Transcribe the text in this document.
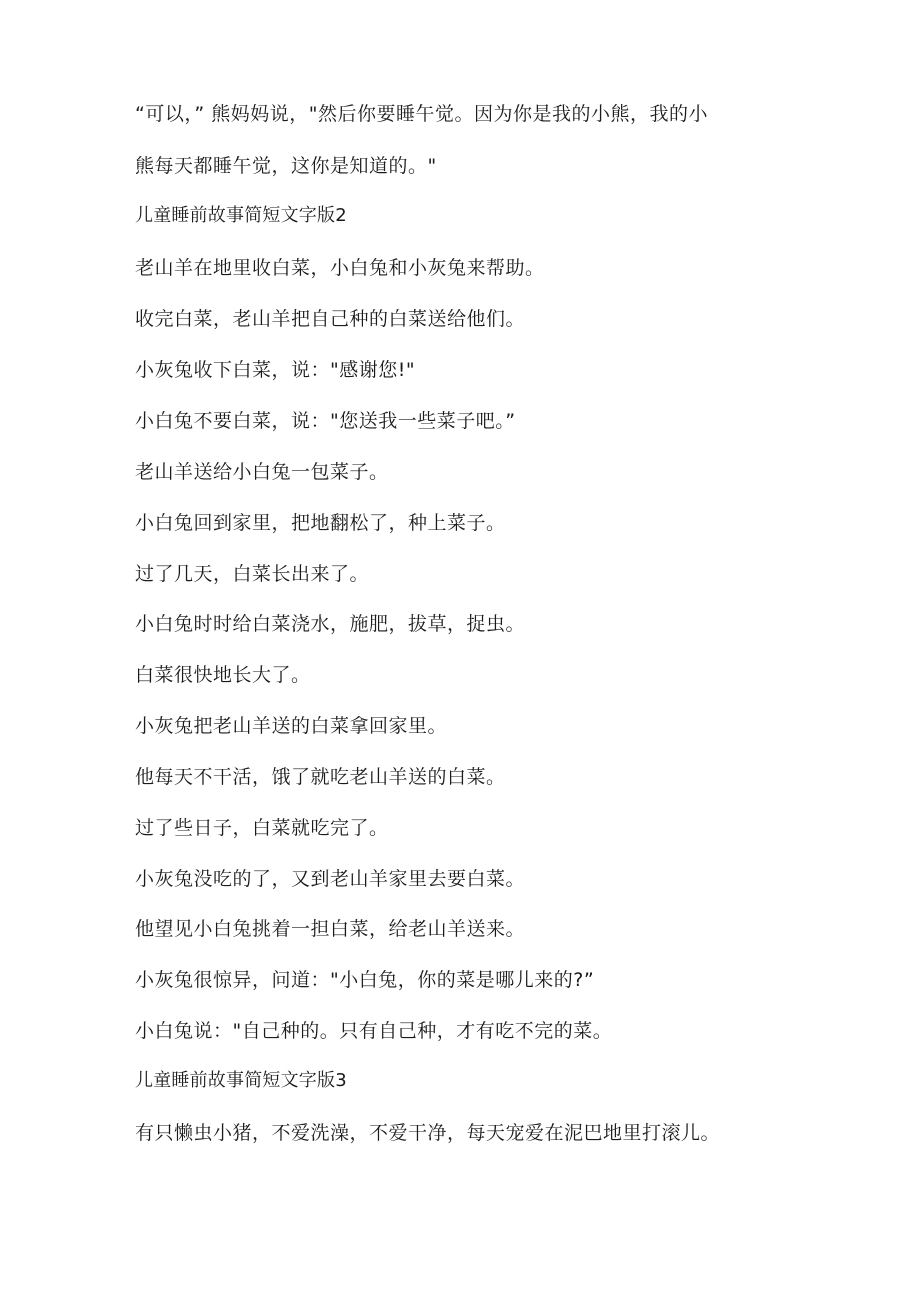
“可以，” 熊妈妈说，"然后你要睡午觉。因为你是我的小熊，我的小

熊每天都睡午觉，这你是知道的。"

儿童睡前故事简短文字版2

老山羊在地里收白菜，小白兔和小灰兔来帮助。

收完白菜，老山羊把自己种的白菜送给他们。

小灰兔收下白菜，说："感谢您!"

小白兔不要白菜，说："您送我一些菜子吧。”

老山羊送给小白兔一包菜子。

小白兔回到家里，把地翻松了，种上菜子。

过了几天，白菜长出来了。

小白兔时时给白菜浇水，施肥，拔草，捉虫。

白菜很快地长大了。

小灰兔把老山羊送的白菜拿回家里。

他每天不干活，饿了就吃老山羊送的白菜。

过了些日子，白菜就吃完了。

小灰兔没吃的了，又到老山羊家里去要白菜。

他望见小白兔挑着一担白菜，给老山羊送来。

小灰兔很惊异，问道："小白兔，你的菜是哪儿来的?”

小白兔说："自己种的。只有自己种，才有吃不完的菜。

儿童睡前故事简短文字版3

有只懒虫小猪，不爱洗澡，不爱干净，每天宠爱在泥巴地里打滚儿。
